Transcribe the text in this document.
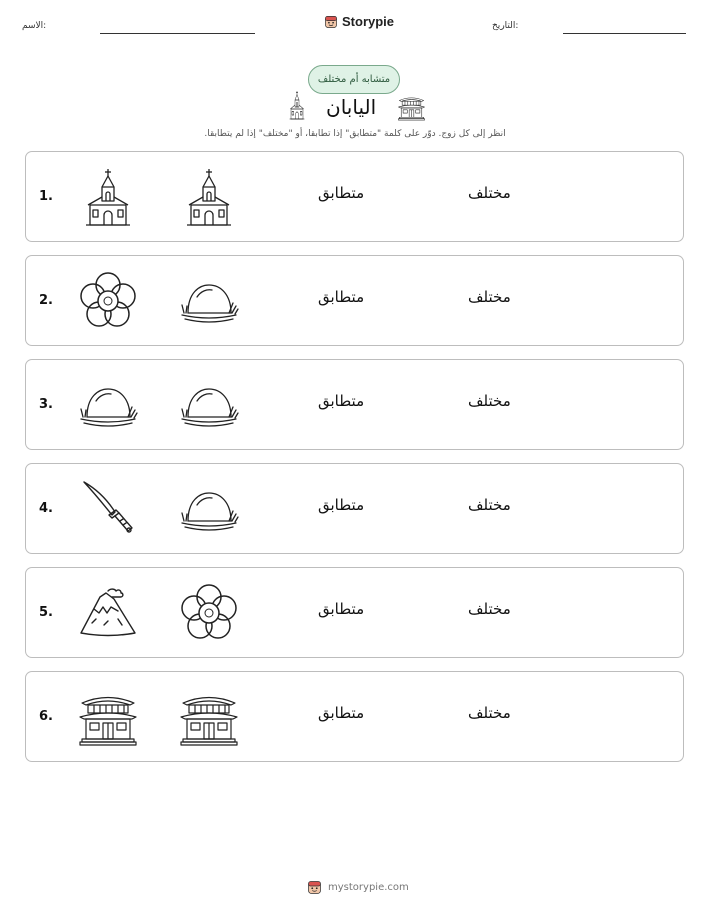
الاسم:	Storypie	التاريخ:
متشابه أم مختلف
اليابان
انظر إلى كل زوج. دوّر على كلمة "متطابق" إذا تطابقا، أو "مختلف" إذا لم يتطابقا.
1.	متطابق	مختلف
2.	متطابق	مختلف
3.	متطابق	مختلف
4.	متطابق	مختلف
5.	متطابق	مختلف
6.	متطابق	مختلف
mystorypie.com
